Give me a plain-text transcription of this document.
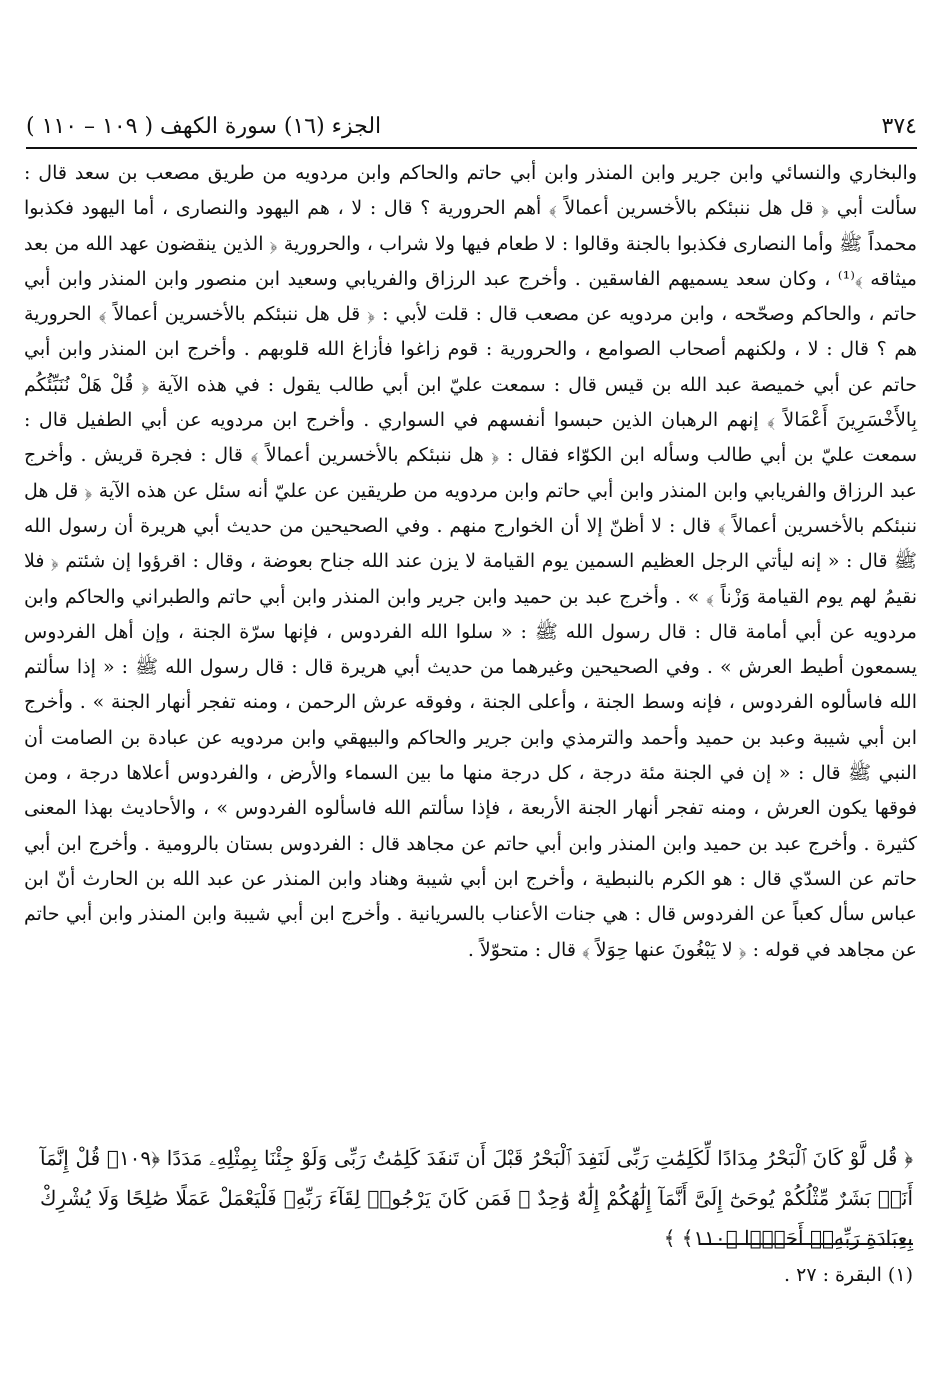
٣٧٤
الجزء (١٦) سورة الكهف ( ١٠٩ – ١١٠ )

والبخاري والنسائي وابن جرير وابن المنذر وابن أبي حاتم والحاكم وابن مردويه من طريق مصعب بن سعد قال : سألت أبي ﴿ قل هل ننبئكم بالأخسرين أعمالاً ﴾ أهم الحرورية ؟ قال : لا ، هم اليهود والنصارى ، أما اليهود فكذبوا محمداً ﷺ وأما النصارى فكذبوا بالجنة وقالوا : لا طعام فيها ولا شراب ، والحرورية ﴿ الذين ينقضون عهد الله من بعد ميثاقه ﴾⁽¹⁾ ، وكان سعد يسميهم الفاسقين . وأخرج عبد الرزاق والفريابي وسعيد ابن منصور وابن المنذر وابن أبي حاتم ، والحاكم وصحّحه ، وابن مردويه عن مصعب قال : قلت لأبي : ﴿ قل هل ننبئكم بالأخسرين أعمالاً ﴾ الحرورية هم ؟ قال : لا ، ولكنهم أصحاب الصوامع ، والحرورية : قوم زاغوا فأزاغ الله قلوبهم . وأخرج ابن المنذر وابن أبي حاتم عن أبي خميصة عبد الله بن قيس قال : سمعت عليّ ابن أبي طالب يقول : في هذه الآية ﴿ قُلْ هَلْ نُنَبِّئُكُم بِالأَخْسَرِينَ أَعْمَالاً ﴾ إنهم الرهبان الذين حبسوا أنفسهم في السواري . وأخرج ابن مردويه عن أبي الطفيل قال : سمعت عليّ بن أبي طالب وسأله ابن الكوّاء فقال : ﴿ هل ننبئكم بالأخسرين أعمالاً ﴾ قال : فجرة قريش . وأخرج عبد الرزاق والفريابي وابن المنذر وابن أبي حاتم وابن مردويه من طريقين عن عليّ أنه سئل عن هذه الآية ﴿ قل هل ننبئكم بالأخسرين أعمالاً ﴾ قال : لا أظنّ إلا أن الخوارج منهم . وفي الصحيحين من حديث أبي هريرة أن رسول الله ﷺ قال : « إنه ليأتي الرجل العظيم السمين يوم القيامة لا يزن عند الله جناح بعوضة ، وقال : اقرؤوا إن شئتم ﴿ فلا نقيمُ لهم يوم القيامة وَزْناً ﴾ » . وأخرج عبد بن حميد وابن جرير وابن المنذر وابن أبي حاتم والطبراني والحاكم وابن مردويه عن أبي أمامة قال : قال رسول الله ﷺ : « سلوا الله الفردوس ، فإنها سرّة الجنة ، وإن أهل الفردوس يسمعون أطيط العرش » . وفي الصحيحين وغيرهما من حديث أبي هريرة قال : قال رسول الله ﷺ : « إذا سألتم الله فاسألوه الفردوس ، فإنه وسط الجنة ، وأعلى الجنة ، وفوقه عرش الرحمن ، ومنه تفجر أنهار الجنة » . وأخرج ابن أبي شيبة وعبد بن حميد وأحمد والترمذي وابن جرير والحاكم والبيهقي وابن مردويه عن عبادة بن الصامت أن النبي ﷺ قال : « إن في الجنة مئة درجة ، كل درجة منها ما بين السماء والأرض ، والفردوس أعلاها درجة ، ومن فوقها يكون العرش ، ومنه تفجر أنهار الجنة الأربعة ، فإذا سألتم الله فاسألوه الفردوس » ، والأحاديث بهذا المعنى كثيرة . وأخرج عبد بن حميد وابن المنذر وابن أبي حاتم عن مجاهد قال : الفردوس بستان بالرومية . وأخرج ابن أبي حاتم عن السدّي قال : هو الكرم بالنبطية ، وأخرج ابن أبي شيبة وهناد وابن المنذر عن عبد الله بن الحارث أنّ ابن عباس سأل كعباً عن الفردوس قال : هي جنات الأعناب بالسريانية . وأخرج ابن أبي شيبة وابن المنذر وابن أبي حاتم عن مجاهد في قوله : ﴿ لا يَبْغُونَ عنها حِوَلاً ﴾ قال : متحوّلاً .

﴿ قُل لَّوْ كَانَ ٱلْبَحْرُ مِدَادًا لِّكَلِمَٰتِ رَبِّى لَنَفِدَ ٱلْبَحْرُ قَبْلَ أَن تَنفَدَ كَلِمَٰتُ رَبِّى وَلَوْ جِئْنَا بِمِثْلِهِۦ مَدَدًا ﴿١٠٩﴾ قُلْ إِنَّمَآ أَنَا۠ بَشَرٌ مِّثْلُكُمْ يُوحَىٰٓ إِلَىَّ أَنَّمَآ إِلَٰهُكُمْ إِلَٰهٌ وَٰحِدٌ ۖ فَمَن كَانَ يَرْجُوا۟ لِقَآءَ رَبِّهِۦ فَلْيَعْمَلْ عَمَلًا صَٰلِحًا وَلَا يُشْرِكْ بِعِبَادَةِ رَبِّهِۦٓ أَحَدًۢا ﴿١١٠﴾ ﴾

(١) البقرة : ٢٧ .
